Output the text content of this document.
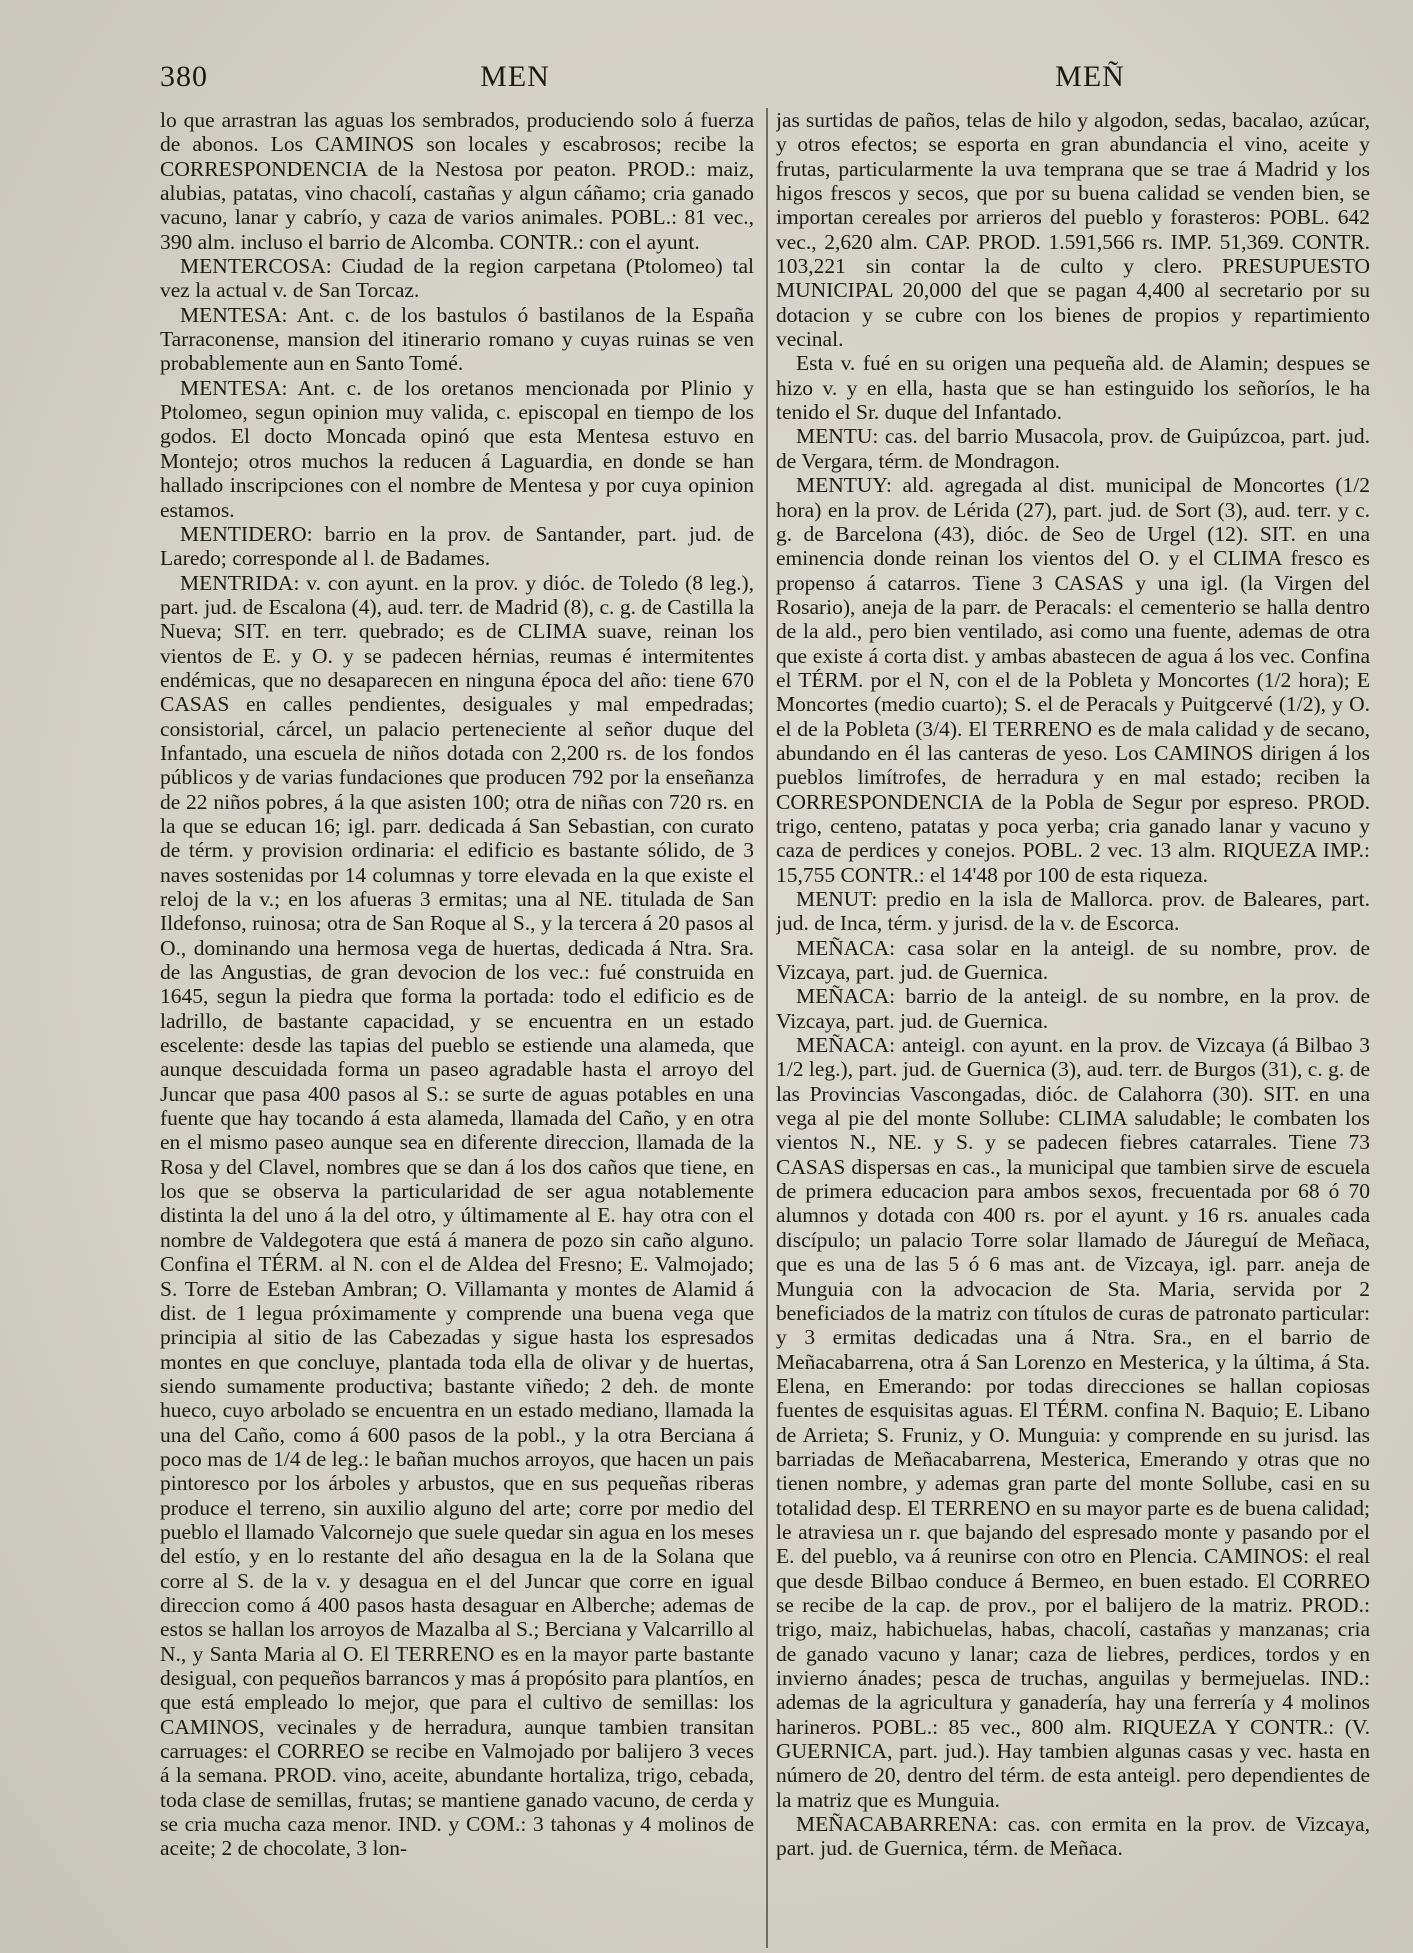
380	MEN	MEÑ

lo que arrastran las aguas los sembrados, produciendo solo á fuerza de abonos. Los CAMINOS son locales y escabrosos; recibe la CORRESPONDENCIA de la Nestosa por peaton. PROD.: maiz, alubias, patatas, vino chacolí, castañas y algun cáñamo; cria ganado vacuno, lanar y cabrío, y caza de varios animales. POBL.: 81 vec., 390 alm. incluso el barrio de Alcomba. CONTR.: con el ayunt.

MENTERCOSA: Ciudad de la region carpetana (Ptolomeo) tal vez la actual v. de San Torcaz.

MENTESA: Ant. c. de los bastulos ó bastilanos de la España Tarraconense, mansion del itinerario romano y cuyas ruinas se ven probablemente aun en Santo Tomé.

MENTESA: Ant. c. de los oretanos mencionada por Plinio y Ptolomeo, segun opinion muy valida, c. episcopal en tiempo de los godos. El docto Moncada opinó que esta Mentesa estuvo en Montejo; otros muchos la reducen á Laguardia, en donde se han hallado inscripciones con el nombre de Mentesa y por cuya opinion estamos.

MENTIDERO: barrio en la prov. de Santander, part. jud. de Laredo; corresponde al l. de Badames.

MENTRIDA: v. con ayunt. en la prov. y dióc. de Toledo (8 leg.), part. jud. de Escalona (4), aud. terr. de Madrid (8), c. g. de Castilla la Nueva; SIT. en terr. quebrado; es de CLIMA suave, reinan los vientos de E. y O. y se padecen hérnias, reumas é intermitentes endémicas, que no desaparecen en ninguna época del año: tiene 670 CASAS en calles pendientes, desiguales y mal empedradas; consistorial, cárcel, un palacio perteneciente al señor duque del Infantado, una escuela de niños dotada con 2,200 rs. de los fondos públicos y de varias fundaciones que producen 792 por la enseñanza de 22 niños pobres, á la que asisten 100; otra de niñas con 720 rs. en la que se educan 16; igl. parr. dedicada á San Sebastian, con curato de térm. y provision ordinaria: el edificio es bastante sólido, de 3 naves sostenidas por 14 columnas y torre elevada en la que existe el reloj de la v.; en los afueras 3 ermitas; una al NE. titulada de San Ildefonso, ruinosa; otra de San Roque al S., y la tercera á 20 pasos al O., dominando una hermosa vega de huertas, dedicada á Ntra. Sra. de las Angustias, de gran devocion de los vec.: fué construida en 1645, segun la piedra que forma la portada: todo el edificio es de ladrillo, de bastante capacidad, y se encuentra en un estado escelente: desde las tapias del pueblo se estiende una alameda, que aunque descuidada forma un paseo agradable hasta el arroyo del Juncar que pasa 400 pasos al S.: se surte de aguas potables en una fuente que hay tocando á esta alameda, llamada del Caño, y en otra en el mismo paseo aunque sea en diferente direccion, llamada de la Rosa y del Clavel, nombres que se dan á los dos caños que tiene, en los que se observa la particularidad de ser agua notablemente distinta la del uno á la del otro, y últimamente al E. hay otra con el nombre de Valdegotera que está á manera de pozo sin caño alguno. Confina el TÉRM. al N. con el de Aldea del Fresno; E. Valmojado; S. Torre de Esteban Ambran; O. Villamanta y montes de Alamid á dist. de 1 legua próximamente y comprende una buena vega que principia al sitio de las Cabezadas y sigue hasta los espresados montes en que concluye, plantada toda ella de olivar y de huertas, siendo sumamente productiva; bastante viñedo; 2 deh. de monte hueco, cuyo arbolado se encuentra en un estado mediano, llamada la una del Caño, como á 600 pasos de la pobl., y la otra Berciana á poco mas de 1/4 de leg.: le bañan muchos arroyos, que hacen un pais pintoresco por los árboles y arbustos, que en sus pequeñas riberas produce el terreno, sin auxilio alguno del arte; corre por medio del pueblo el llamado Valcornejo que suele quedar sin agua en los meses del estío, y en lo restante del año desagua en la de la Solana que corre al S. de la v. y desagua en el del Juncar que corre en igual direccion como á 400 pasos hasta desaguar en Alberche; ademas de estos se hallan los arroyos de Mazalba al S.; Berciana y Valcarrillo al N., y Santa Maria al O. El TERRENO es en la mayor parte bastante desigual, con pequeños barrancos y mas á propósito para plantíos, en que está empleado lo mejor, que para el cultivo de semillas: los CAMINOS, vecinales y de herradura, aunque tambien transitan carruages: el CORREO se recibe en Valmojado por balijero 3 veces á la semana. PROD. vino, aceite, abundante hortaliza, trigo, cebada, toda clase de semillas, frutas; se mantiene ganado vacuno, de cerda y se cria mucha caza menor. IND. y COM.: 3 tahonas y 4 molinos de aceite; 2 de chocolate, 3 lon-

jas surtidas de paños, telas de hilo y algodon, sedas, bacalao, azúcar, y otros efectos; se esporta en gran abundancia el vino, aceite y frutas, particularmente la uva temprana que se trae á Madrid y los higos frescos y secos, que por su buena calidad se venden bien, se importan cereales por arrieros del pueblo y forasteros: POBL. 642 vec., 2,620 alm. CAP. PROD. 1.591,566 rs. IMP. 51,369. CONTR. 103,221 sin contar la de culto y clero. PRESUPUESTO MUNICIPAL 20,000 del que se pagan 4,400 al secretario por su dotacion y se cubre con los bienes de propios y repartimiento vecinal.

Esta v. fué en su origen una pequeña ald. de Alamin; despues se hizo v. y en ella, hasta que se han estinguido los señoríos, le ha tenido el Sr. duque del Infantado.

MENTU: cas. del barrio Musacola, prov. de Guipúzcoa, part. jud. de Vergara, térm. de Mondragon.

MENTUY: ald. agregada al dist. municipal de Moncortes (1/2 hora) en la prov. de Lérida (27), part. jud. de Sort (3), aud. terr. y c. g. de Barcelona (43), dióc. de Seo de Urgel (12). SIT. en una eminencia donde reinan los vientos del O. y el CLIMA fresco es propenso á catarros. Tiene 3 CASAS y una igl. (la Virgen del Rosario), aneja de la parr. de Peracals: el cementerio se halla dentro de la ald., pero bien ventilado, asi como una fuente, ademas de otra que existe á corta dist. y ambas abastecen de agua á los vec. Confina el TÉRM. por el N, con el de la Pobleta y Moncortes (1/2 hora); E Moncortes (medio cuarto); S. el de Peracals y Puitgcervé (1/2), y O. el de la Pobleta (3/4). El TERRENO es de mala calidad y de secano, abundando en él las canteras de yeso. Los CAMINOS dirigen á los pueblos limítrofes, de herradura y en mal estado; reciben la CORRESPONDENCIA de la Pobla de Segur por espreso. PROD. trigo, centeno, patatas y poca yerba; cria ganado lanar y vacuno y caza de perdices y conejos. POBL. 2 vec. 13 alm. RIQUEZA IMP.: 15,755 CONTR.: el 14'48 por 100 de esta riqueza.

MENUT: predio en la isla de Mallorca. prov. de Baleares, part. jud. de Inca, térm. y jurisd. de la v. de Escorca.

MEÑACA: casa solar en la anteigl. de su nombre, prov. de Vizcaya, part. jud. de Guernica.

MEÑACA: barrio de la anteigl. de su nombre, en la prov. de Vizcaya, part. jud. de Guernica.

MEÑACA: anteigl. con ayunt. en la prov. de Vizcaya (á Bilbao 3 1/2 leg.), part. jud. de Guernica (3), aud. terr. de Burgos (31), c. g. de las Provincias Vascongadas, dióc. de Calahorra (30). SIT. en una vega al pie del monte Sollube: CLIMA saludable; le combaten los vientos N., NE. y S. y se padecen fiebres catarrales. Tiene 73 CASAS dispersas en cas., la municipal que tambien sirve de escuela de primera educacion para ambos sexos, frecuentada por 68 ó 70 alumnos y dotada con 400 rs. por el ayunt. y 16 rs. anuales cada discípulo; un palacio Torre solar llamado de Jáureguí de Meñaca, que es una de las 5 ó 6 mas ant. de Vizcaya, igl. parr. aneja de Munguia con la advocacion de Sta. Maria, servida por 2 beneficiados de la matriz con títulos de curas de patronato particular: y 3 ermitas dedicadas una á Ntra. Sra., en el barrio de Meñacabarrena, otra á San Lorenzo en Mesterica, y la última, á Sta. Elena, en Emerando: por todas direcciones se hallan copiosas fuentes de esquisitas aguas. El TÉRM. confina N. Baquio; E. Libano de Arrieta; S. Fruniz, y O. Munguia: y comprende en su jurisd. las barriadas de Meñacabarrena, Mesterica, Emerando y otras que no tienen nombre, y ademas gran parte del monte Sollube, casi en su totalidad desp. El TERRENO en su mayor parte es de buena calidad; le atraviesa un r. que bajando del espresado monte y pasando por el E. del pueblo, va á reunirse con otro en Plencia. CAMINOS: el real que desde Bilbao conduce á Bermeo, en buen estado. El CORREO se recibe de la cap. de prov., por el balijero de la matriz. PROD.: trigo, maiz, habichuelas, habas, chacolí, castañas y manzanas; cria de ganado vacuno y lanar; caza de liebres, perdices, tordos y en invierno ánades; pesca de truchas, anguilas y bermejuelas. IND.: ademas de la agricultura y ganadería, hay una ferrería y 4 molinos harineros. POBL.: 85 vec., 800 alm. RIQUEZA Y CONTR.: (V. GUERNICA, part. jud.). Hay tambien algunas casas y vec. hasta en número de 20, dentro del térm. de esta anteigl. pero dependientes de la matriz que es Munguia.

MEÑACABARRENA: cas. con ermita en la prov. de Vizcaya, part. jud. de Guernica, térm. de Meñaca.
